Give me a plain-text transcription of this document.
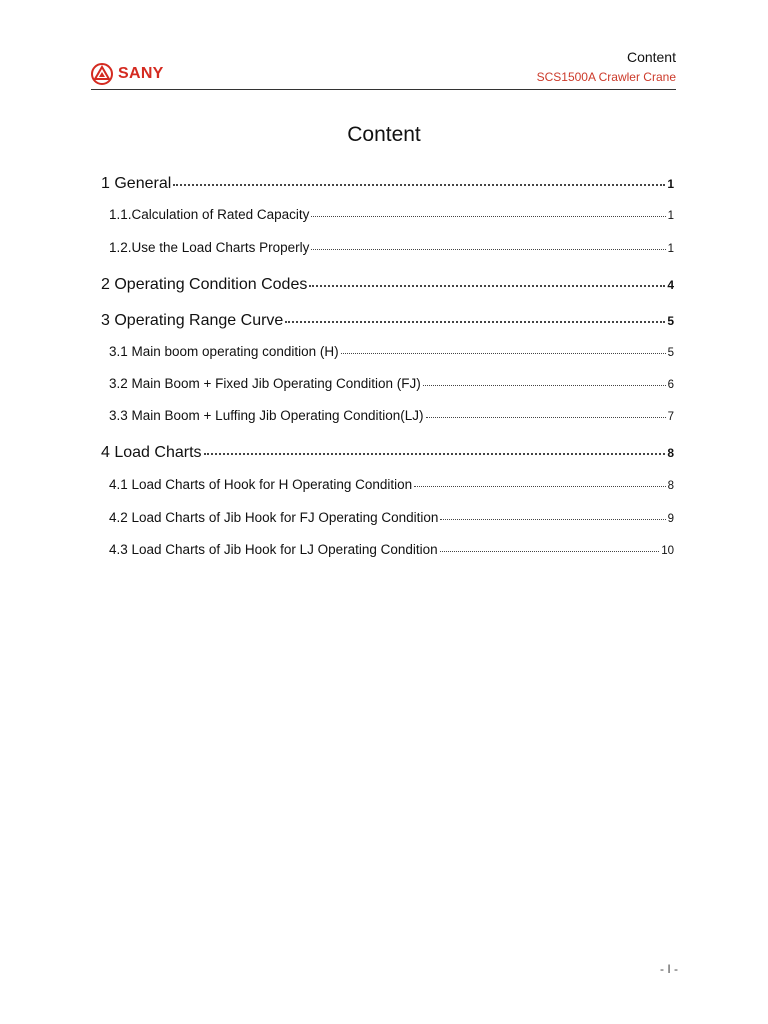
SANY
Content
SCS1500A Crawler Crane
Content
1 General	1
1.1.Calculation of Rated Capacity	1
1.2.Use the Load Charts Properly	1
2 Operating Condition Codes	4
3 Operating Range Curve	5
3.1 Main boom operating condition (H)	5
3.2 Main Boom + Fixed Jib Operating Condition (FJ)	6
3.3 Main Boom + Luffing Jib Operating Condition(LJ)	7
4 Load Charts	8
4.1 Load Charts of Hook for H Operating Condition	8
4.2 Load Charts of Jib Hook for FJ Operating Condition	9
4.3 Load Charts of Jib Hook for LJ Operating Condition	10
- I -
